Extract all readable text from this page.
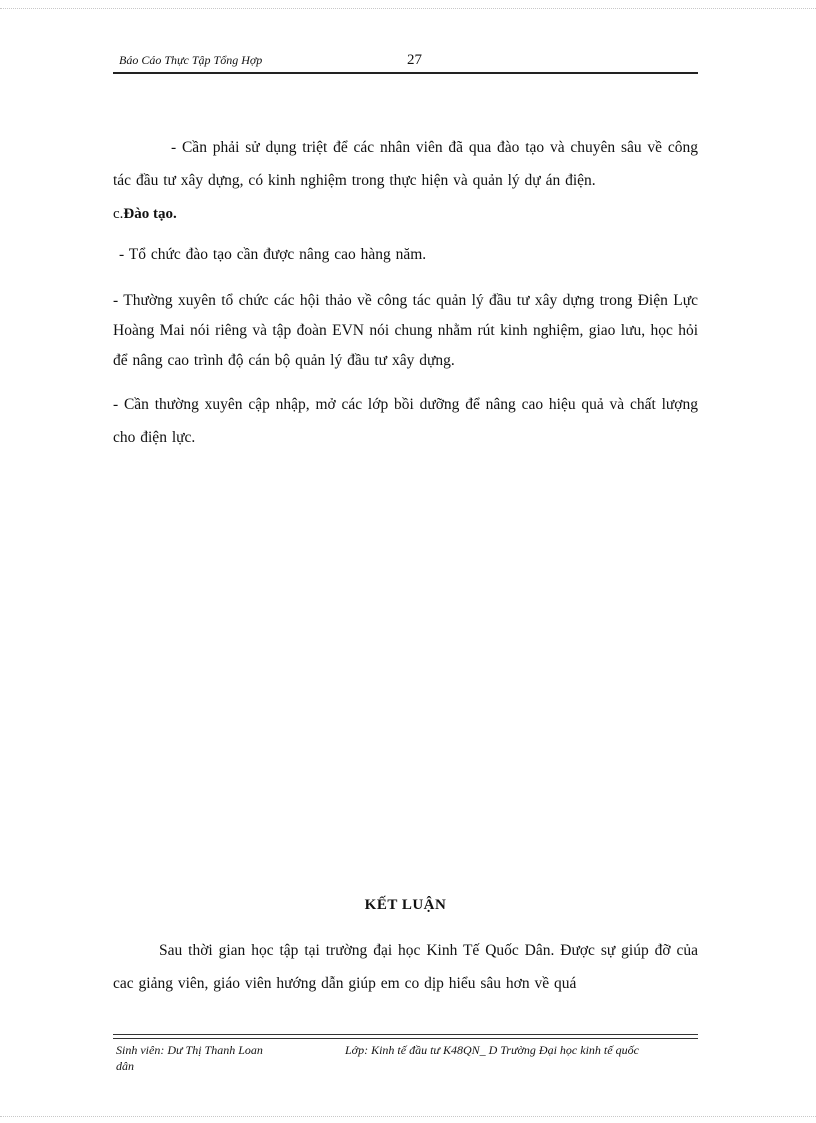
Báo Cáo Thực Tập Tổng Hợp	27
- Cần phải sử dụng triệt để các nhân viên đã qua đào tạo và chuyên sâu về công tác đầu tư xây dựng, có kinh nghiệm trong thực hiện và quản lý dự án điện.
c.Đào tạo.
- Tổ chức đào tạo cần được nâng cao hàng năm.
- Thường xuyên tổ chức các hội thảo về công tác quản lý đầu tư xây dựng trong Điện Lực Hoàng Mai nói riêng và tập đoàn EVN nói chung nhằm rút kinh nghiệm, giao lưu, học hỏi để nâng cao trình độ cán bộ quản lý đầu tư xây dựng.
- Cần thường xuyên cập nhập, mở các lớp bồi dưỡng để nâng cao hiệu quả và chất lượng cho điện lực.
KẾT LUẬN
Sau thời gian học tập tại trường đại học Kinh Tế Quốc Dân. Được sự giúp đỡ của cac giảng viên, giáo viên hướng dẫn giúp em co dịp hiểu sâu hơn về quá
Sinh viên: Dư Thị Thanh Loan
dân
Lớp: Kinh tế đầu tư K48QN_ D Trường Đại học kinh tế quốc
